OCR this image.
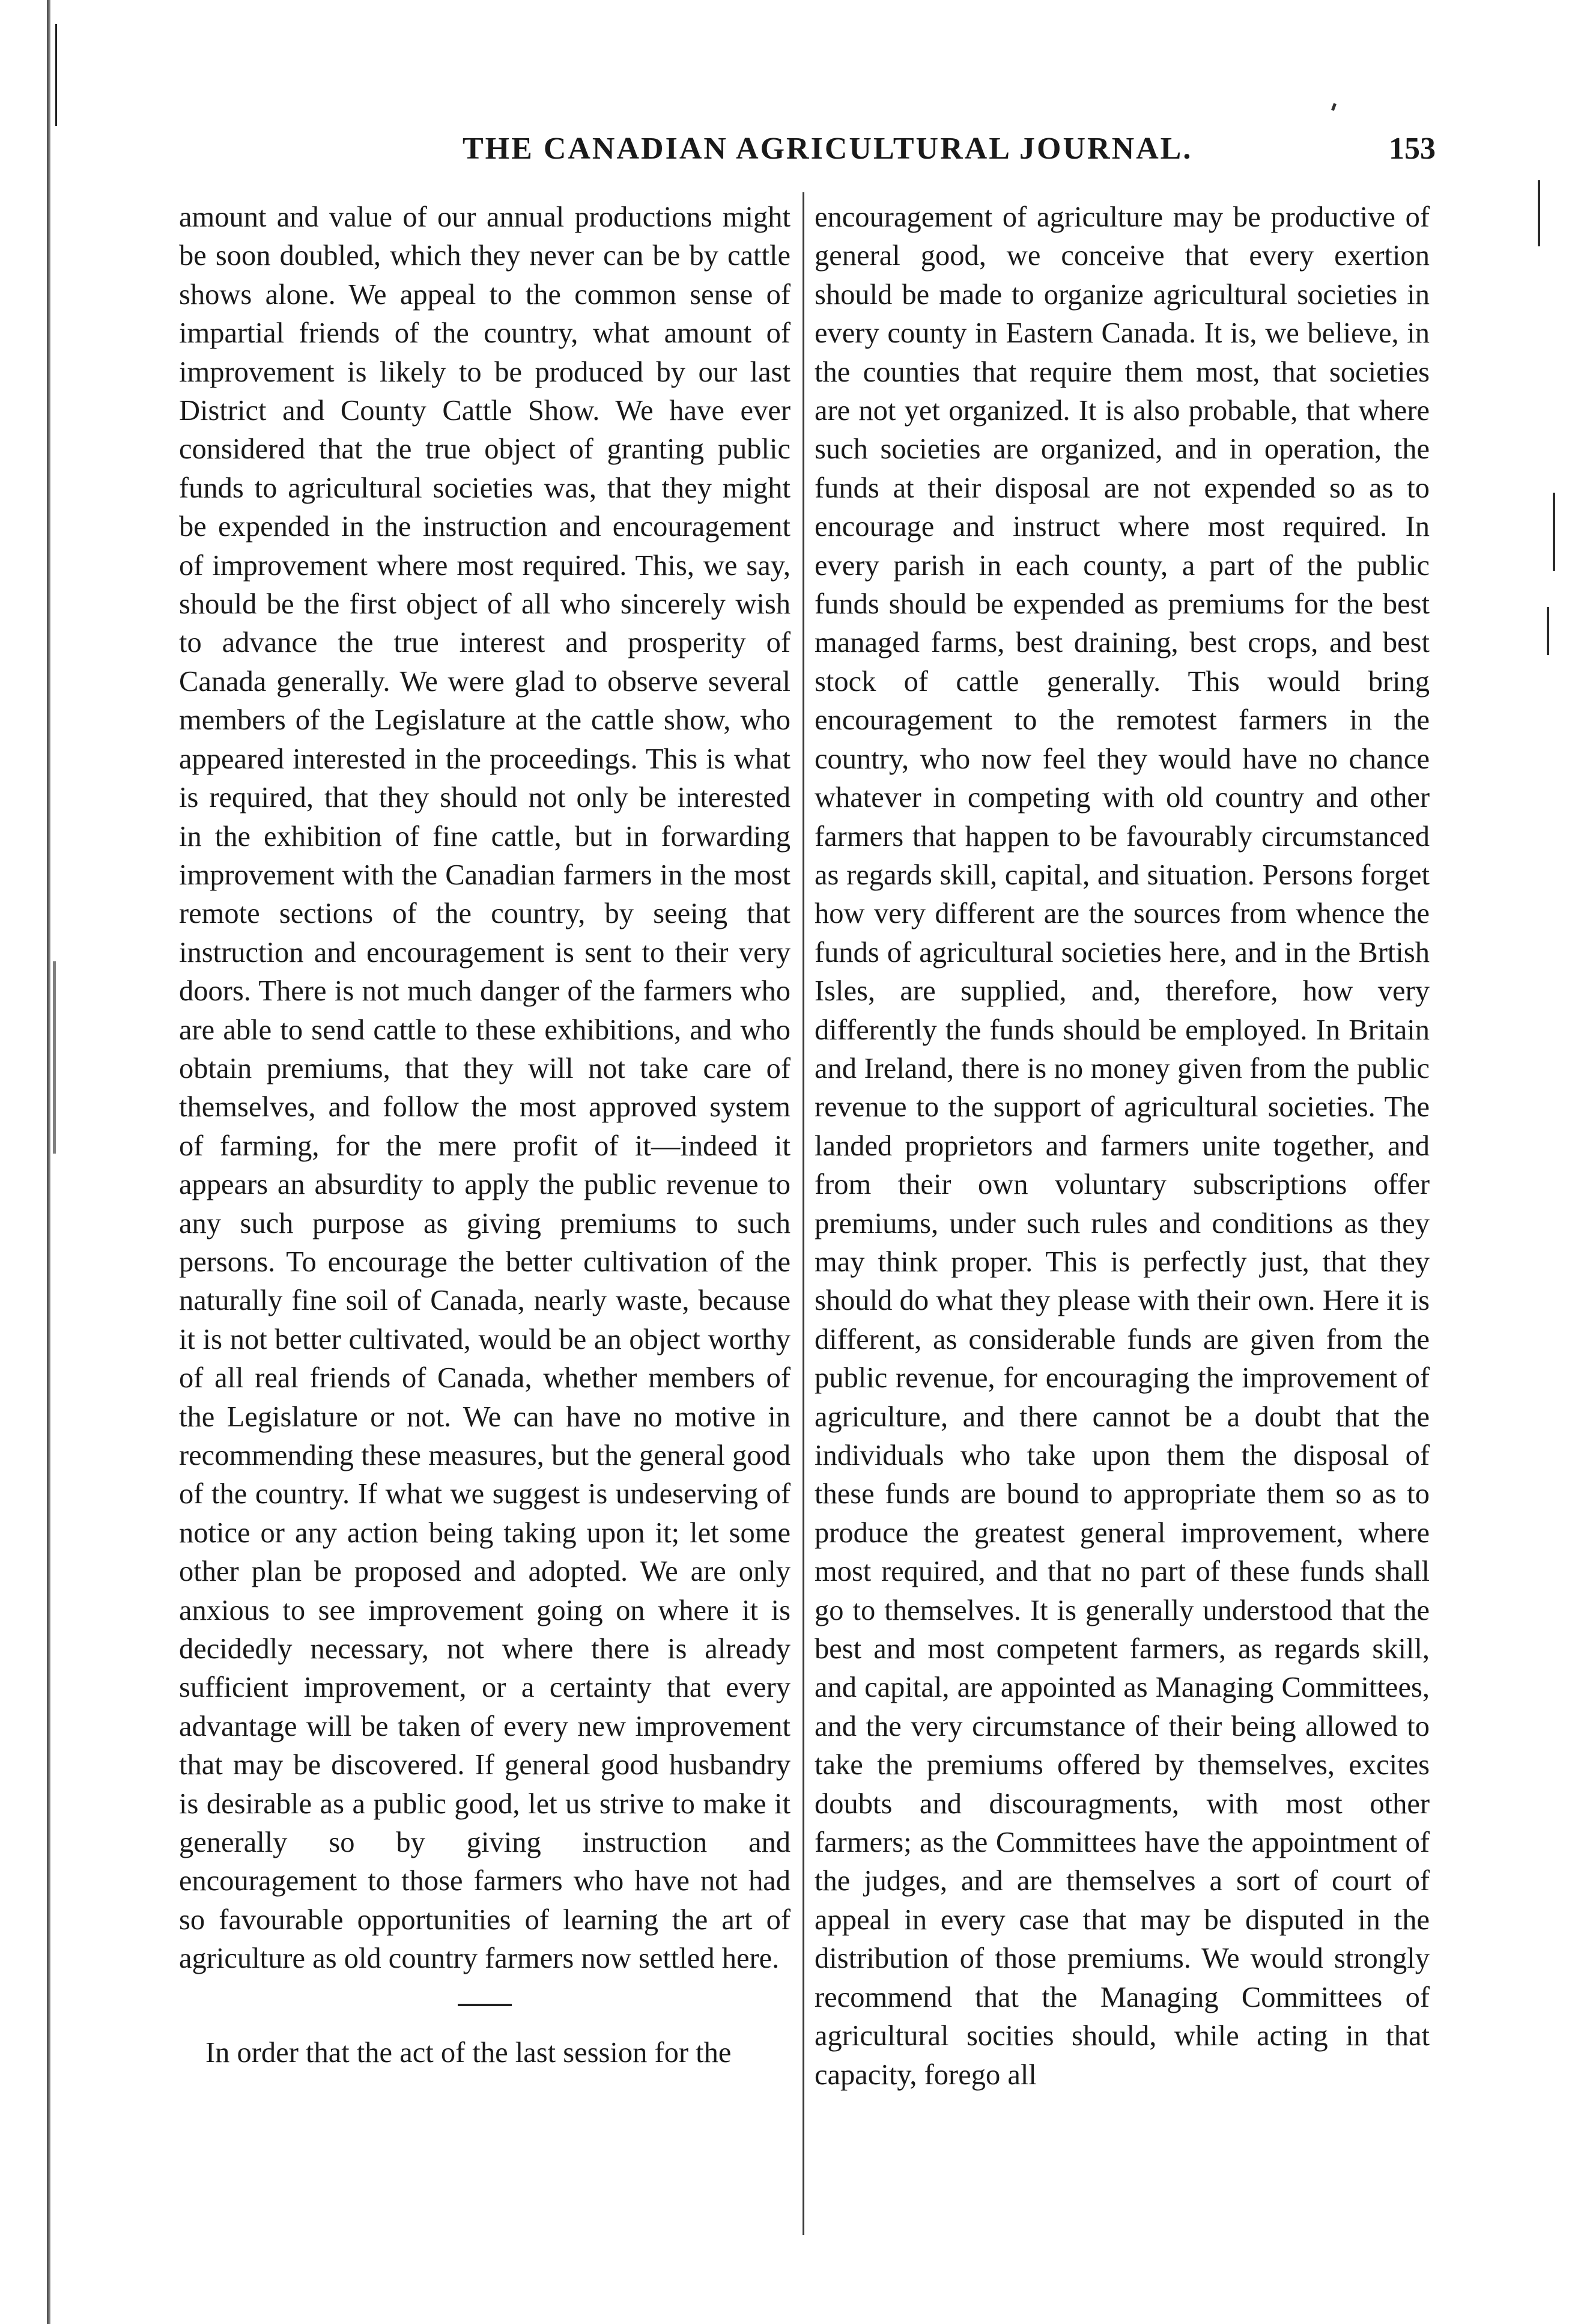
THE CANADIAN AGRICULTURAL JOURNAL.	153

amount and value of our annual productions might be soon doubled, which they never can be by cattle shows alone. We appeal to the common sense of impartial friends of the country, what amount of improvement is likely to be produced by our last District and County Cattle Show. We have ever considered that the true object of granting public funds to agricultural societies was, that they might be expended in the instruction and encouragement of improvement where most required. This, we say, should be the first object of all who sincerely wish to advance the true interest and prosperity of Canada generally. We were glad to observe several members of the Legislature at the cattle show, who appeared interested in the proceedings. This is what is required, that they should not only be interested in the exhibition of fine cattle, but in forwarding improvement with the Canadian farmers in the most remote sections of the country, by seeing that instruction and encouragement is sent to their very doors. There is not much danger of the farmers who are able to send cattle to these exhibitions, and who obtain premiums, that they will not take care of themselves, and follow the most approved system of farming, for the mere profit of it—indeed it appears an absurdity to apply the public revenue to any such purpose as giving premiums to such persons. To encourage the better cultivation of the naturally fine soil of Canada, nearly waste, because it is not better cultivated, would be an object worthy of all real friends of Canada, whether members of the Legislature or not. We can have no motive in recommending these measures, but the general good of the country. If what we suggest is undeserving of notice or any action being taking upon it; let some other plan be proposed and adopted. We are only anxious to see improvement going on where it is decidedly necessary, not where there is already sufficient improvement, or a certainty that every advantage will be taken of every new improvement that may be discovered. If general good husbandry is desirable as a public good, let us strive to make it generally so by giving instruction and encouragement to those farmers who have not had so favourable opportunities of learning the art of agriculture as old country farmers now settled here.

In order that the act of the last session for the

encouragement of agriculture may be productive of general good, we conceive that every exertion should be made to organize agricultural societies in every county in Eastern Canada. It is, we believe, in the counties that require them most, that societies are not yet organized. It is also probable, that where such societies are organized, and in operation, the funds at their disposal are not expended so as to encourage and instruct where most required. In every parish in each county, a part of the public funds should be expended as premiums for the best managed farms, best draining, best crops, and best stock of cattle generally. This would bring encouragement to the remotest farmers in the country, who now feel they would have no chance whatever in competing with old country and other farmers that happen to be favourably circumstanced as regards skill, capital, and situation. Persons forget how very different are the sources from whence the funds of agricultural societies here, and in the Brtish Isles, are supplied, and, therefore, how very differently the funds should be employed. In Britain and Ireland, there is no money given from the public revenue to the support of agricultural societies. The landed proprietors and farmers unite together, and from their own voluntary subscriptions offer premiums, under such rules and conditions as they may think proper. This is perfectly just, that they should do what they please with their own. Here it is different, as considerable funds are given from the public revenue, for encouraging the improvement of agriculture, and there cannot be a doubt that the individuals who take upon them the disposal of these funds are bound to appropriate them so as to produce the greatest general improvement, where most required, and that no part of these funds shall go to themselves. It is generally understood that the best and most competent farmers, as regards skill, and capital, are appointed as Managing Committees, and the very circumstance of their being allowed to take the premiums offered by themselves, excites doubts and discouragments, with most other farmers; as the Committees have the appointment of the judges, and are themselves a sort of court of appeal in every case that may be disputed in the distribution of those premiums. We would strongly recommend that the Managing Committees of agricultural socities should, while acting in that capacity, forego all
